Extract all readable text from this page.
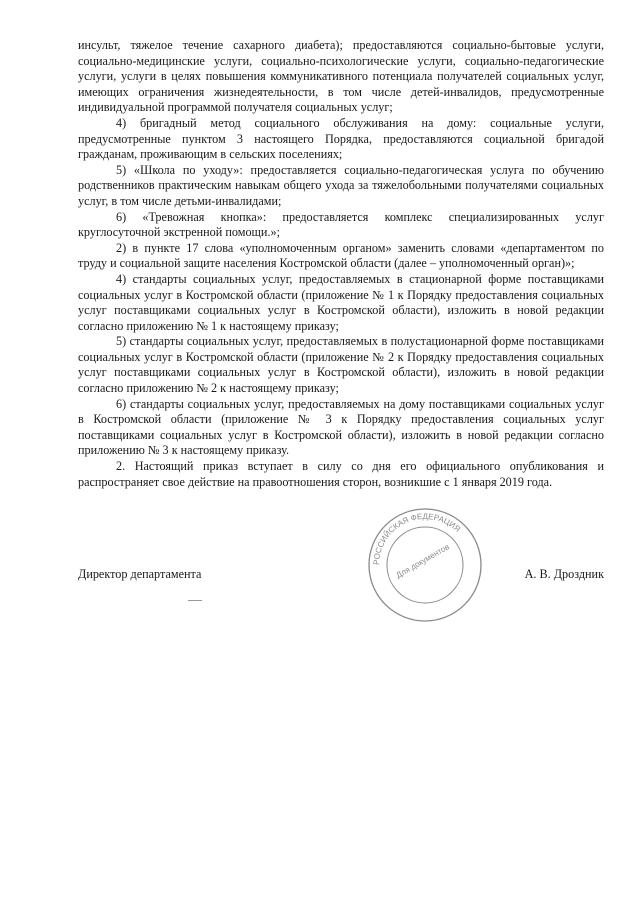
инсульт, тяжелое течение сахарного диабета); предоставляются социально-бытовые услуги, социально-медицинские услуги, социально-психологические услуги, социально-педагогические услуги, услуги в целях повышения коммуникативного потенциала получателей социальных услуг, имеющих ограничения жизнедеятельности, в том числе детей-инвалидов, предусмотренные индивидуальной программой получателя социальных услуг;

4) бригадный метод социального обслуживания на дому: социальные услуги, предусмотренные пунктом 3 настоящего Порядка, предоставляются социальной бригадой гражданам, проживающим в сельских поселениях;

5) «Школа по уходу»: предоставляется социально-педагогическая услуга по обучению родственников практическим навыкам общего ухода за тяжелобольными получателями социальных услуг, в том числе детьми-инвалидами;

6) «Тревожная кнопка»: предоставляется комплекс специализированных услуг круглосуточной экстренной помощи.»;

2) в пункте 17 слова «уполномоченным органом» заменить словами «департаментом по труду и социальной защите населения Костромской области (далее – уполномоченный орган)»;

4) стандарты социальных услуг, предоставляемых в стационарной форме поставщиками социальных услуг в Костромской области (приложение № 1 к Порядку предоставления социальных услуг поставщиками социальных услуг в Костромской области), изложить в новой редакции согласно приложению № 1 к настоящему приказу;

5) стандарты социальных услуг, предоставляемых в полустационарной форме поставщиками социальных услуг в Костромской области (приложение № 2 к Порядку предоставления социальных услуг поставщиками социальных услуг в Костромской области), изложить в новой редакции согласно приложению № 2 к настоящему приказу;

6) стандарты социальных услуг, предоставляемых на дому поставщиками социальных услуг в Костромской области (приложение № 3 к Порядку предоставления социальных услуг поставщиками социальных услуг в Костромской области), изложить в новой редакции согласно приложению № 3 к настоящему приказу.

2. Настоящий приказ вступает в силу со дня его официального опубликования и распространяет свое действие на правоотношения сторон, возникшие с 1 января 2019 года.

РОССИЙСКАЯ ФЕДЕРАЦИЯ
Для документов
Директор департамента	А. В. Дроздник
